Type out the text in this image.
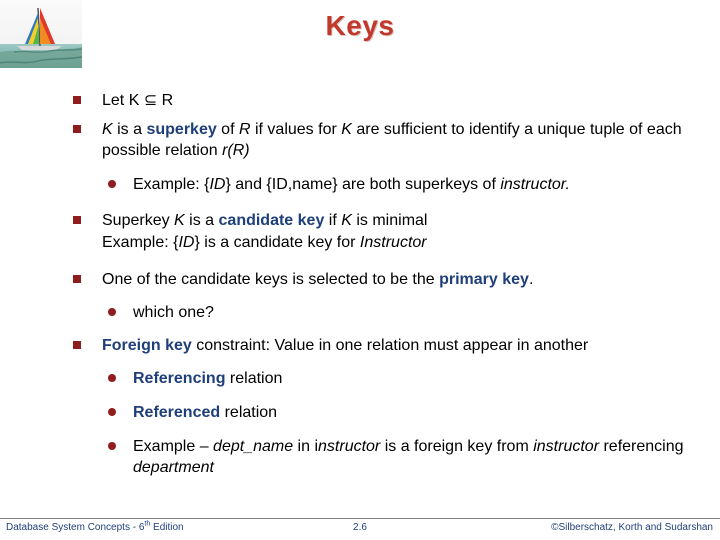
Keys

Let K ⊆ R

K is a superkey of R if values for K are sufficient to identify a unique tuple of each possible relation r(R)

Example: {ID} and {ID,name} are both superkeys of instructor.

Superkey K is a candidate key if K is minimal
Example: {ID} is a candidate key for Instructor

One of the candidate keys is selected to be the primary key.

which one?

Foreign key constraint: Value in one relation must appear in another

Referencing relation

Referenced relation

Example – dept_name in instructor is a foreign key from instructor referencing department

Database System Concepts - 6th Edition	2.6	©Silberschatz, Korth and Sudarshan
